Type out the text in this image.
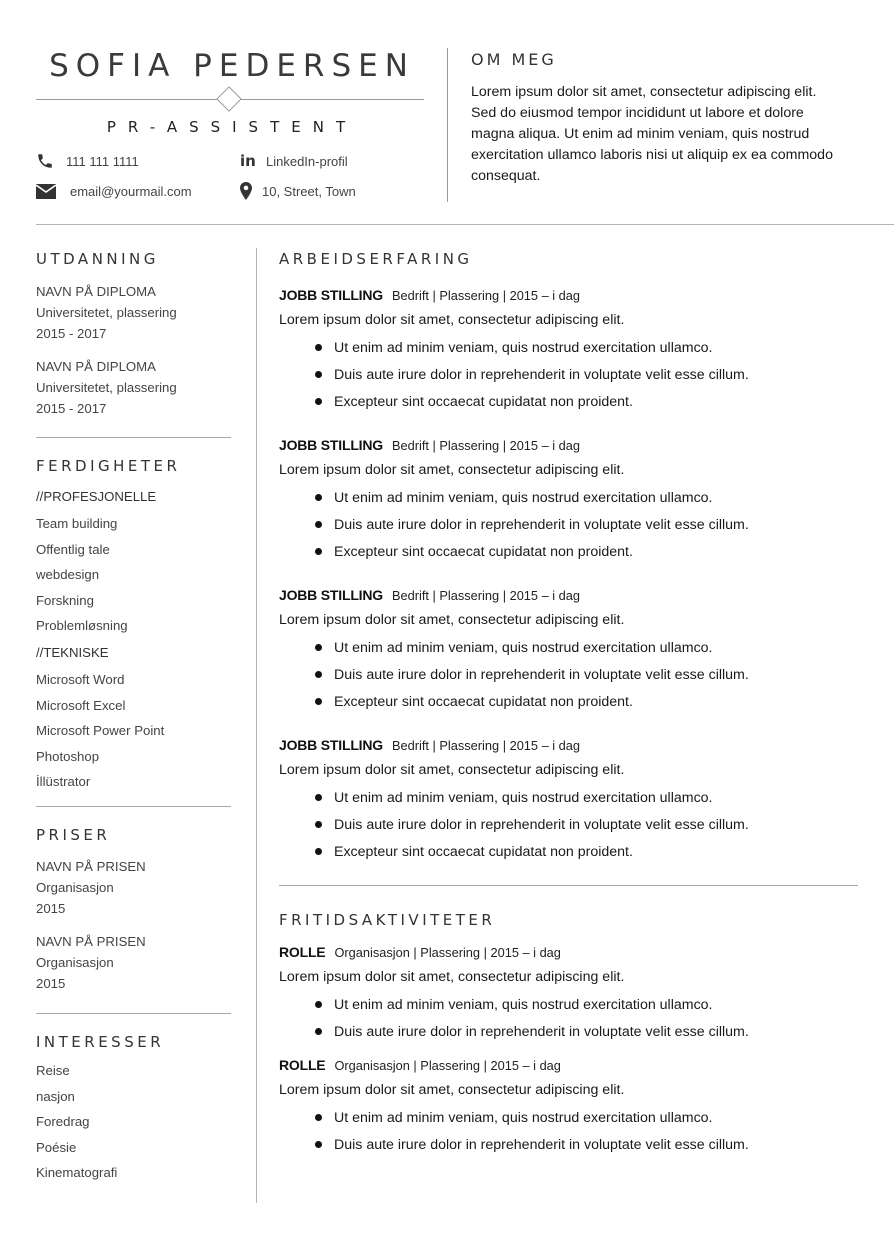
SOFIA PEDERSEN
PR-ASSISTENT
111 111 1111
email@yourmail.com
in LinkedIn-profil
10, Street, Town
OM MEG
Lorem ipsum dolor sit amet, consectetur adipiscing elit.
Sed do eiusmod tempor incididunt ut labore et dolore
magna aliqua. Ut enim ad minim veniam, quis nostrud
exercitation ullamco laboris nisi ut aliquip ex ea commodo
consequat.
UTDANNING
NAVN PÅ DIPLOMA
Universitetet, plassering
2015 - 2017
NAVN PÅ DIPLOMA
Universitetet, plassering
2015 - 2017
FERDIGHETER
//PROFESJONELLE
Team building
Offentlig tale
webdesign
Forskning
Problemløsning
//TEKNISKE
Microsoft Word
Microsoft Excel
Microsoft Power Point
Photoshop
İllüstrator
PRISER
NAVN PÅ PRISEN
Organisasjon
2015
NAVN PÅ PRISEN
Organisasjon
2015
INTERESSER
Reise
nasjon
Foredrag
Poésie
Kinematografi
ARBEIDSERFARING
JOBB STILLING Bedrift | Plassering | 2015 – i dag
Lorem ipsum dolor sit amet, consectetur adipiscing elit.
Ut enim ad minim veniam, quis nostrud exercitation ullamco.
Duis aute irure dolor in reprehenderit in voluptate velit esse cillum.
Excepteur sint occaecat cupidatat non proident.
JOBB STILLING Bedrift | Plassering | 2015 – i dag
Lorem ipsum dolor sit amet, consectetur adipiscing elit.
Ut enim ad minim veniam, quis nostrud exercitation ullamco.
Duis aute irure dolor in reprehenderit in voluptate velit esse cillum.
Excepteur sint occaecat cupidatat non proident.
JOBB STILLING Bedrift | Plassering | 2015 – i dag
Lorem ipsum dolor sit amet, consectetur adipiscing elit.
Ut enim ad minim veniam, quis nostrud exercitation ullamco.
Duis aute irure dolor in reprehenderit in voluptate velit esse cillum.
Excepteur sint occaecat cupidatat non proident.
JOBB STILLING Bedrift | Plassering | 2015 – i dag
Lorem ipsum dolor sit amet, consectetur adipiscing elit.
Ut enim ad minim veniam, quis nostrud exercitation ullamco.
Duis aute irure dolor in reprehenderit in voluptate velit esse cillum.
Excepteur sint occaecat cupidatat non proident.
FRITIDSAKTIVITETER
ROLLE Organisasjon | Plassering | 2015 – i dag
Lorem ipsum dolor sit amet, consectetur adipiscing elit.
Ut enim ad minim veniam, quis nostrud exercitation ullamco.
Duis aute irure dolor in reprehenderit in voluptate velit esse cillum.
ROLLE Organisasjon | Plassering | 2015 – i dag
Lorem ipsum dolor sit amet, consectetur adipiscing elit.
Ut enim ad minim veniam, quis nostrud exercitation ullamco.
Duis aute irure dolor in reprehenderit in voluptate velit esse cillum.
